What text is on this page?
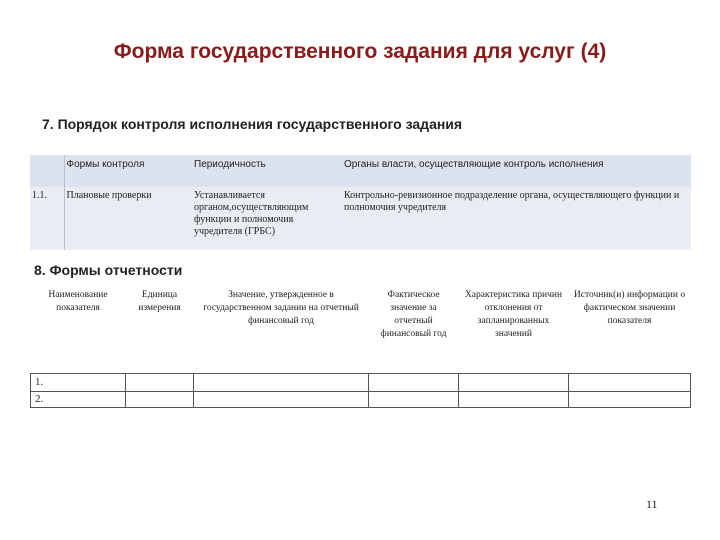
Форма государственного задания для услуг (4)
7. Порядок контроля исполнения государственного задания
	Формы контроля	Периодичность	Органы власти, осуществляющие контроль исполнения
1.1.	Плановые проверки	Устанавливается органом,осуществляющим функции и полномочия учредителя (ГРБС)	Контрольно-ревизионное подразделение органа, осуществляющего функции и полномочия учредителя
8. Формы отчетности
Наименование показателя	Единица измерения	Значение, утвержденное в государственном задании на отчетный финансовый год	Фактическое значение за отчетный финансовый год	Характеристика причин отклонения от запланированных значений	Источник(и) информации о фактическом значении показателя
1.					
2.					
11
